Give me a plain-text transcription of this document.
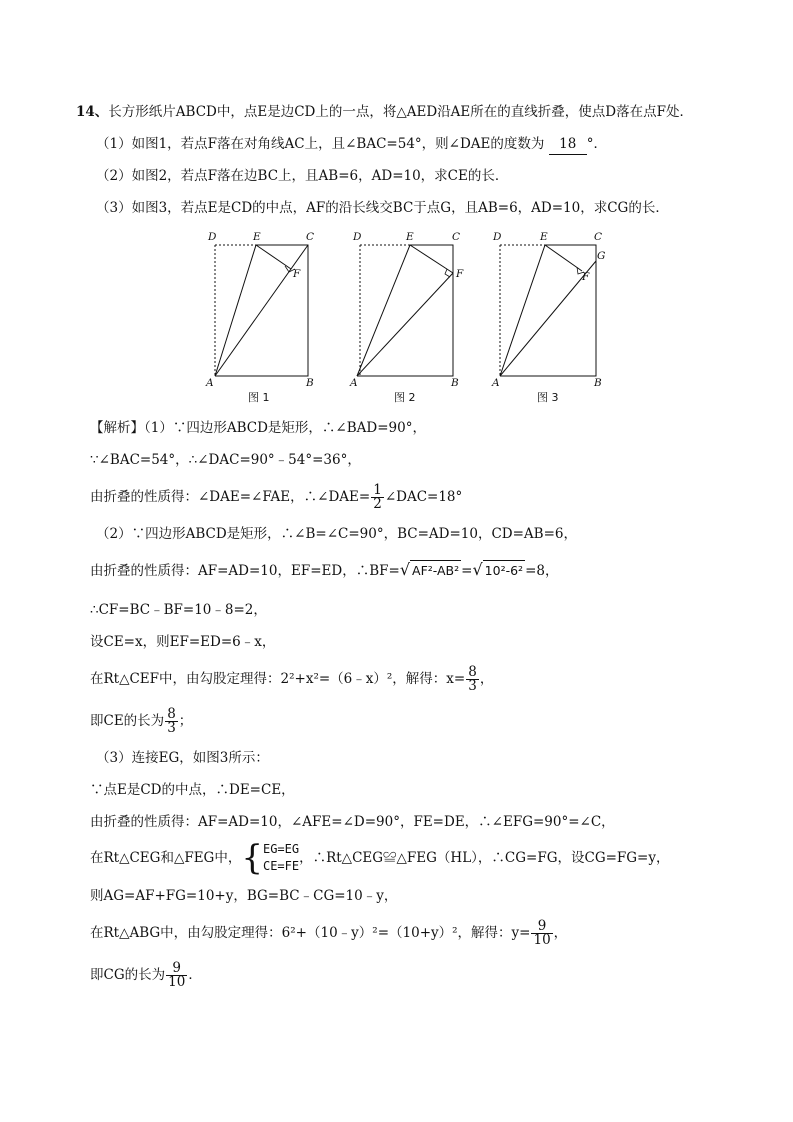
14、长方形纸片ABCD中，点E是边CD上的一点，将△AED沿AE所在的直线折叠，使点D落在点F处．
（1）如图1，若点F落在对角线AC上，且∠BAC=54°，则∠DAE的度数为 18 °．
（2）如图2，若点F落在边BC上，且AB=6，AD=10，求CE的长．
（3）如图3，若点E是CD的中点，AF的沿长线交BC于点G，且AB=6，AD=10，求CG的长．
D	E	C
F
A	B
D	E	C
F
A	B
D	E	C
G
F
A	B
图 1	图 2	图 3
【解析】（1）∵四边形ABCD是矩形，∴∠BAD=90°，
∵∠BAC=54°，∴∠DAC=90°﹣54°=36°，
由折叠的性质得：∠DAE=∠FAE，∴∠DAE= $\frac{1}{2}$ ∠DAC=18°
（2）∵四边形ABCD是矩形，∴∠B=∠C=90°，BC=AD=10，CD=AB=6，
由折叠的性质得：AF=AD=10，EF=ED，∴BF=√ AF²-AB² =√ 10²-6² =8，
∴CF=BC﹣BF=10﹣8=2，
设CE=x，则EF=ED=6﹣x，
在Rt△CEF中，由勾股定理得：2²+x²=（6﹣x）²，解得：$x= \frac{8}{3}$ ，
即CE的长为 $\frac{8}{3}$ ；
（3）连接EG，如图3所示：
∵点E是CD的中点，∴DE=CE，
由折叠的性质得：AF=AD=10，∠AFE=∠D=90°，FE=DE，∴∠EFG=90°=∠C，
在Rt△CEG和△FEG中， { EG=EG
CE=FE ，∴Rt△CEG≌△FEG（HL），∴CG=FG，设CG=FG=y，
则AG=AF+FG=10+y，BG=BC﹣CG=10﹣y，
在Rt△ABG中，由勾股定理得：6²+（10﹣y）²=（10+y）²，解得：$y= \frac{9}{10}$ ，
即CG的长为 $\frac{9}{10}$ ．
